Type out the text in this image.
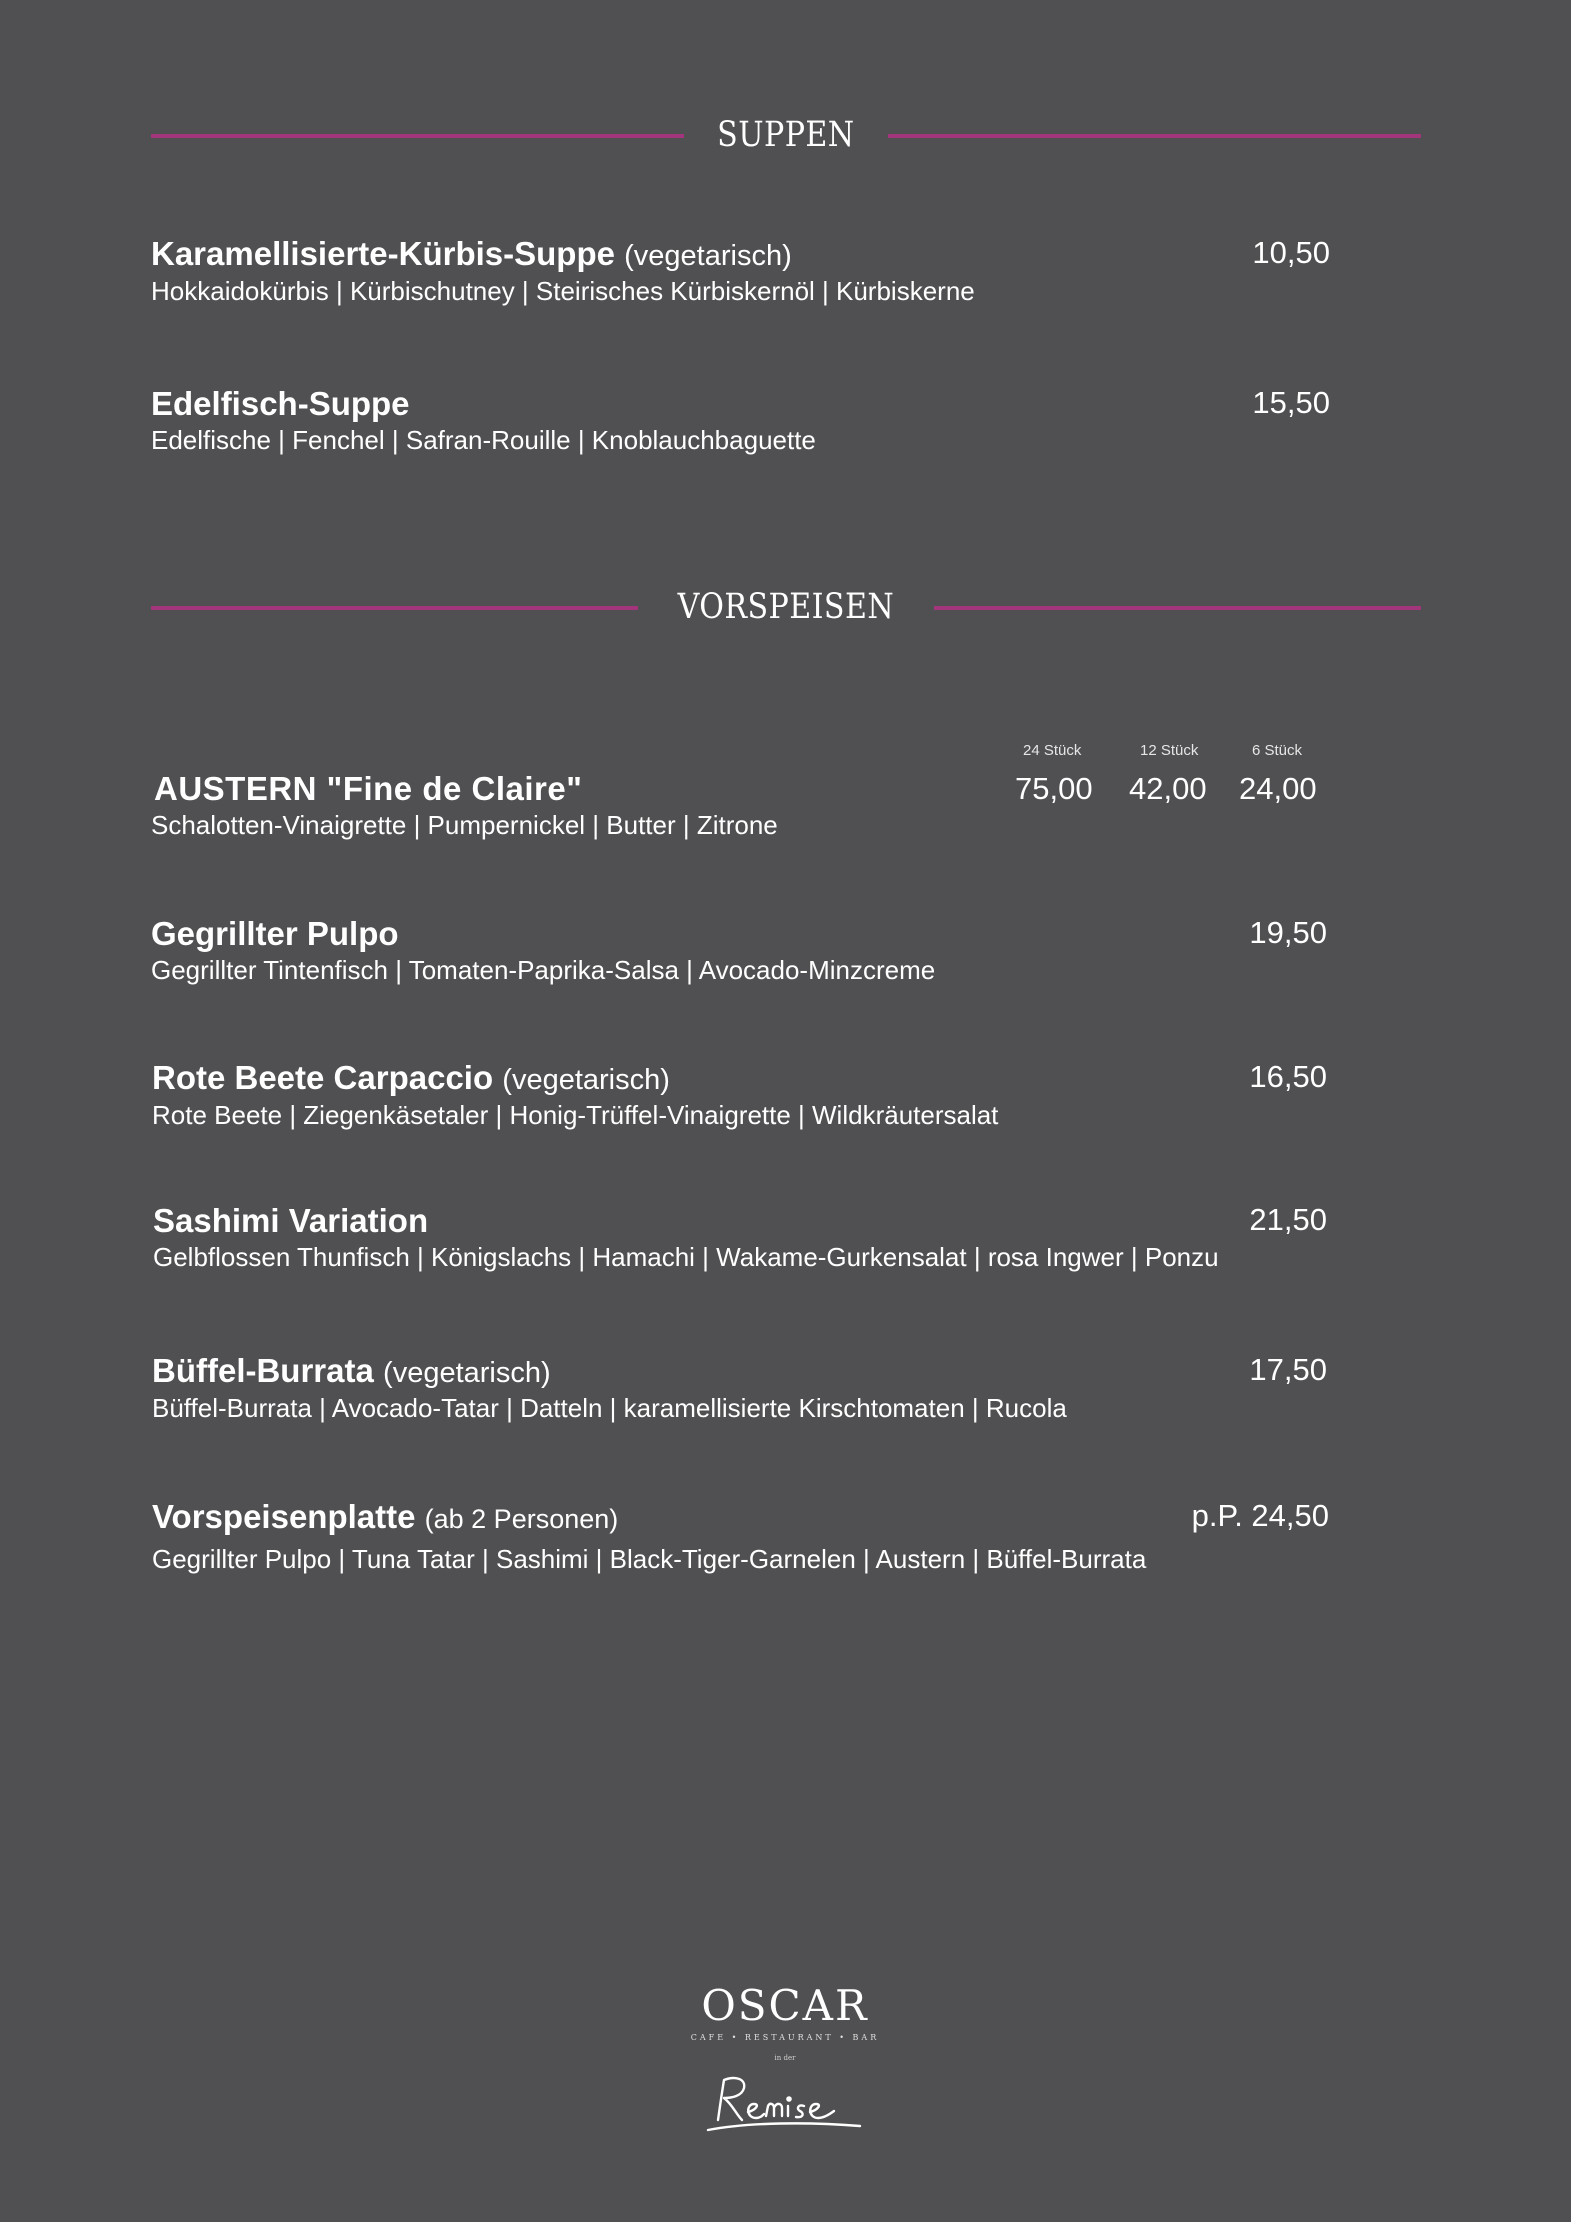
SUPPEN
Karamellisierte-Kürbis-Suppe (vegetarisch)
Hokkaidokürbis | Kürbischutney | Steirisches Kürbiskernöl | Kürbiskerne
10,50
Edelfisch-Suppe
Edelfische | Fenchel | Safran-Rouille | Knoblauchbaguette
15,50
VORSPEISEN
24 Stück	12 Stück	6 Stück
AUSTERN "Fine de Claire"
Schalotten-Vinaigrette | Pumpernickel | Butter | Zitrone
75,00 42,00 24,00
Gegrillter Pulpo
Gegrillter Tintenfisch | Tomaten-Paprika-Salsa | Avocado-Minzcreme
19,50
Rote Beete Carpaccio (vegetarisch)
Rote Beete | Ziegenkäsetaler | Honig-Trüffel-Vinaigrette | Wildkräutersalat
16,50
Sashimi Variation
Gelbflossen Thunfisch | Königslachs | Hamachi | Wakame-Gurkensalat | rosa Ingwer | Ponzu
21,50
Büffel-Burrata (vegetarisch)
Büffel-Burrata | Avocado-Tatar | Datteln | karamellisierte Kirschtomaten | Rucola
17,50
Vorspeisenplatte (ab 2 Personen)
Gegrillter Pulpo | Tuna Tatar | Sashimi | Black-Tiger-Garnelen | Austern | Büffel-Burrata
p.P. 24,50
OSCAR
CAFE • RESTAURANT • BAR
in der
